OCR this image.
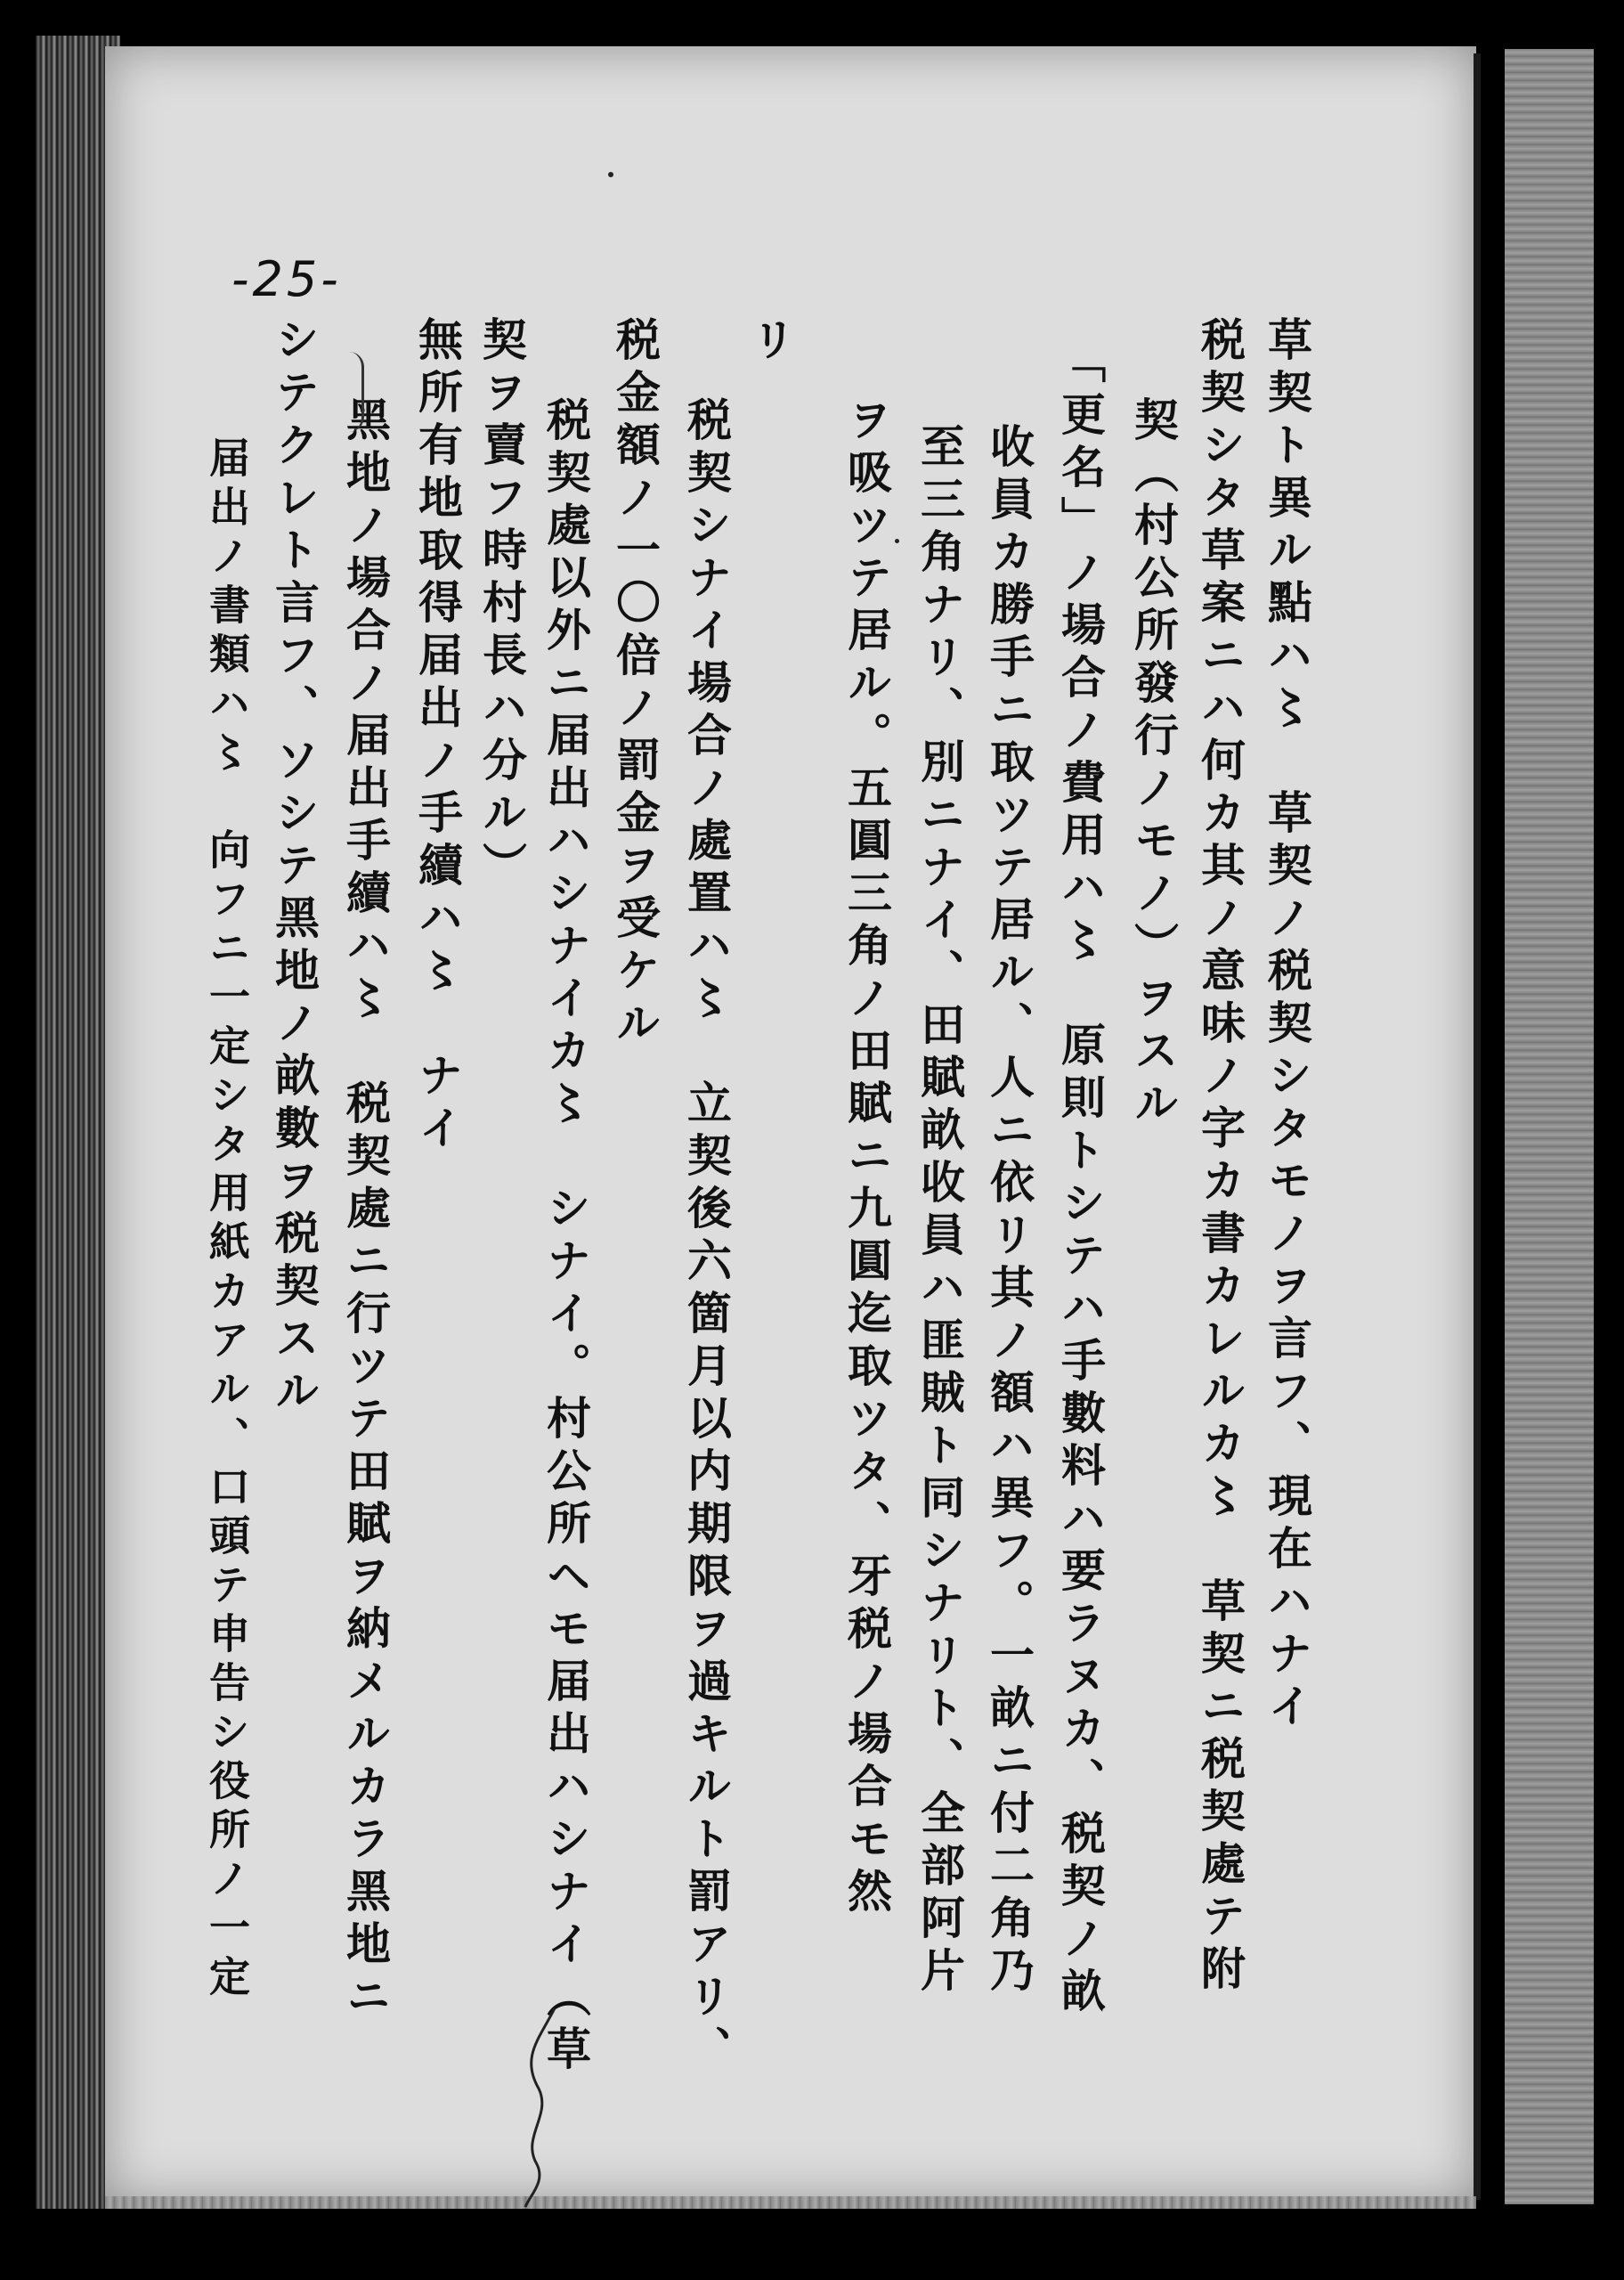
-25-
草契ト異ル點ハ〻　草契ノ税契シタモノヲ言フ、現在ハナイ
税契シタ草案ニハ何カ其ノ意味ノ字カ書カレルカ〻　草契ニ税契處テ附
契（村公所發行ノモノ）ヲスル
「更名」ノ場合ノ費用ハ〻　原則トシテハ手數料ハ要ラヌカ、税契ノ畝
收員カ勝手ニ取ツテ居ル、人ニ依リ其ノ額ハ異フ。一畝ニ付二角乃
至三角ナリ、別ニナイ、田賦畝收員ハ匪賊ト同シナリト、全部阿片
ヲ吸ツテ居ル。五圓三角ノ田賦ニ九圓迄取ツタ、牙税ノ場合モ然
リ
税契シナイ場合ノ處置ハ〻　立契後六箇月以内期限ヲ過キルト罰アリ、
税金額ノ一〇倍ノ罰金ヲ受ケル
税契處以外ニ届出ハシナイカ〻　シナイ。村公所ヘモ届出ハシナイ（草
契ヲ賣フ時村長ハ分ル）
無所有地取得届出ノ手續ハ〻　ナイ
黑地ノ場合ノ届出手續ハ〻　税契處ニ行ツテ田賦ヲ納メルカラ黑地ニ
シテクレト言フ、ソシテ黑地ノ畝數ヲ税契スル
届出ノ書類ハ〻　向フニ一定シタ用紙カアル、口頭テ申告シ役所ノ一定
